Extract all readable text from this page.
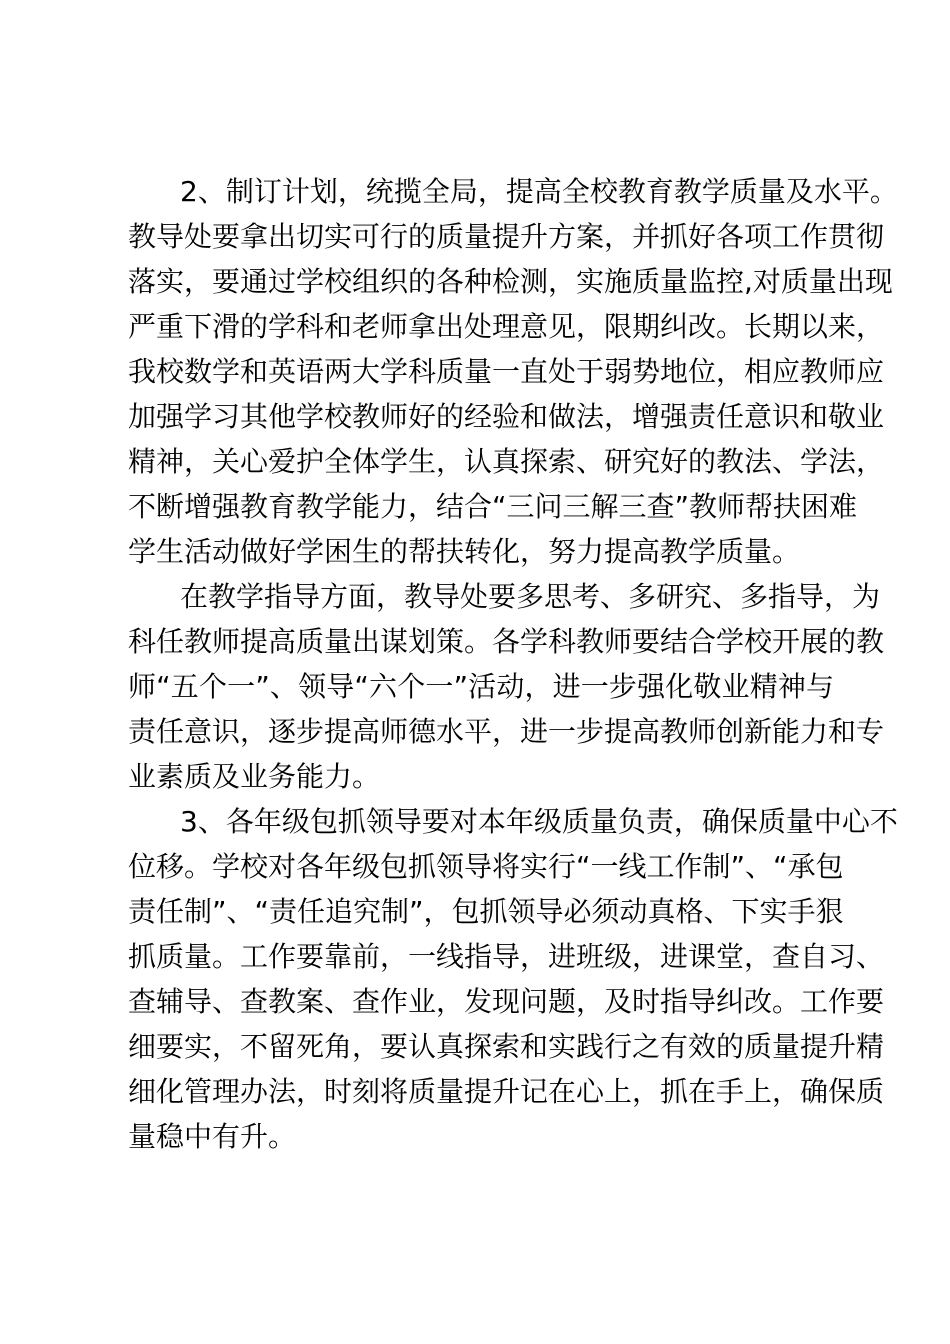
2、制订计划，统揽全局，提高全校教育教学质量及水平。
教导处要拿出切实可行的质量提升方案，并抓好各项工作贯彻
落实，要通过学校组织的各种检测，实施质量监控,对质量出现
严重下滑的学科和老师拿出处理意见，限期纠改。长期以来，
我校数学和英语两大学科质量一直处于弱势地位，相应教师应
加强学习其他学校教师好的经验和做法，增强责任意识和敬业
精神，关心爱护全体学生，认真探索、研究好的教法、学法，
不断增强教育教学能力，结合“三问三解三查”教师帮扶困难
学生活动做好学困生的帮扶转化，努力提高教学质量。
在教学指导方面，教导处要多思考、多研究、多指导，为
科任教师提高质量出谋划策。各学科教师要结合学校开展的教
师“五个一”、领导“六个一”活动，进一步强化敬业精神与
责任意识，逐步提高师德水平，进一步提高教师创新能力和专
业素质及业务能力。
3、各年级包抓领导要对本年级质量负责，确保质量中心不
位移。学校对各年级包抓领导将实行“一线工作制”、“承包
责任制”、“责任追究制”，包抓领导必须动真格、下实手狠
抓质量。工作要靠前，一线指导，进班级，进课堂，查自习、
查辅导、查教案、查作业，发现问题，及时指导纠改。工作要
细要实，不留死角，要认真探索和实践行之有效的质量提升精
细化管理办法，时刻将质量提升记在心上，抓在手上，确保质
量稳中有升。
